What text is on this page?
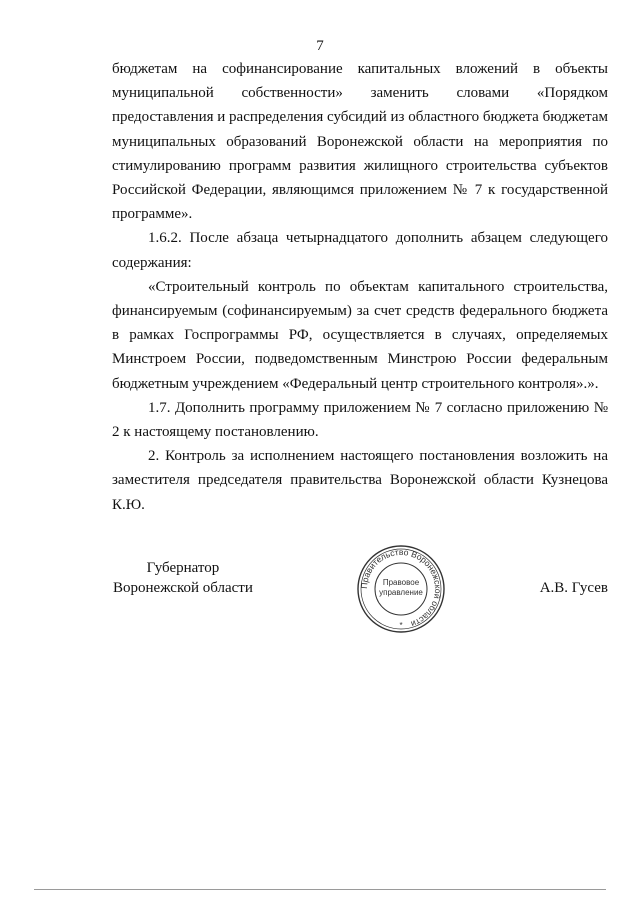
7

бюджетам на софинансирование капитальных вложений в объекты муниципальной собственности» заменить словами «Порядком предоставления и распределения субсидий из областного бюджета бюджетам муниципальных образований Воронежской области на мероприятия по стимулированию программ развития жилищного строительства субъектов Российской Федерации, являющимся приложением № 7 к государственной программе».

1.6.2. После абзаца четырнадцатого дополнить абзацем следующего содержания:

«Строительный контроль по объектам капитального строительства, финансируемым (софинансируемым) за счет средств федерального бюджета в рамках Госпрограммы РФ, осуществляется в случаях, определяемых Минстроем России, подведомственным Минстрою России федеральным бюджетным учреждением «Федеральный центр строительного контроля».».

1.7. Дополнить программу приложением № 7 согласно приложению № 2 к настоящему постановлению.

2. Контроль за исполнением настоящего постановления возложить на заместителя председателя правительства Воронежской области Кузнецова К.Ю.

Губернатор
Воронежской области	Правительство Воронежской области
Правовое
управление
*
А.В. Гусев
